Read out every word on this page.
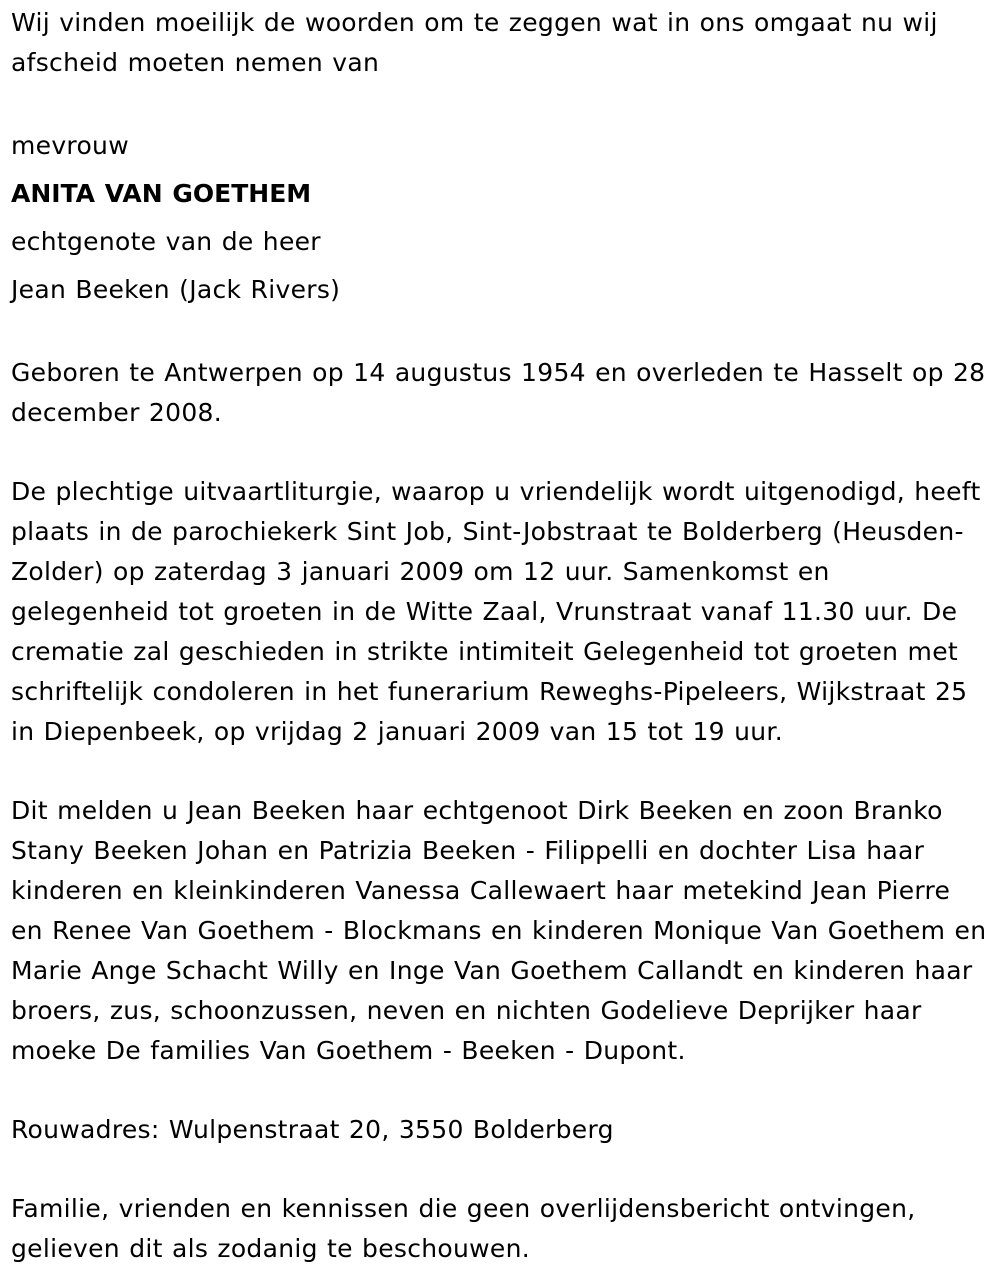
Wij vinden moeilijk de woorden om te zeggen wat in ons omgaat nu wij afscheid moeten nemen van

mevrouw

ANITA VAN GOETHEM

echtgenote van de heer

Jean Beeken (Jack Rivers)

Geboren te Antwerpen op 14 augustus 1954 en overleden te Hasselt op 28 december 2008.

De plechtige uitvaartliturgie, waarop u vriendelijk wordt uitgenodigd, heeft plaats in de parochiekerk Sint Job, Sint-Jobstraat te Bolderberg (Heusden-Zolder) op zaterdag 3 januari 2009 om 12 uur. Samenkomst en gelegenheid tot groeten in de Witte Zaal, Vrunstraat vanaf 11.30 uur. De crematie zal geschieden in strikte intimiteit Gelegenheid tot groeten met schriftelijk condoleren in het funerarium Reweghs-Pipeleers, Wijkstraat 25 in Diepenbeek, op vrijdag 2 januari 2009 van 15 tot 19 uur.

Dit melden u Jean Beeken haar echtgenoot Dirk Beeken en zoon Branko Stany Beeken Johan en Patrizia Beeken - Filippelli en dochter Lisa haar kinderen en kleinkinderen Vanessa Callewaert haar metekind Jean Pierre en Renee Van Goethem - Blockmans en kinderen Monique Van Goethem en Marie Ange Schacht Willy en Inge Van Goethem Callandt en kinderen haar broers, zus, schoonzussen, neven en nichten Godelieve Deprijker haar moeke De families Van Goethem - Beeken - Dupont.

Rouwadres: Wulpenstraat 20, 3550 Bolderberg

Familie, vrienden en kennissen die geen overlijdensbericht ontvingen, gelieven dit als zodanig te beschouwen.
